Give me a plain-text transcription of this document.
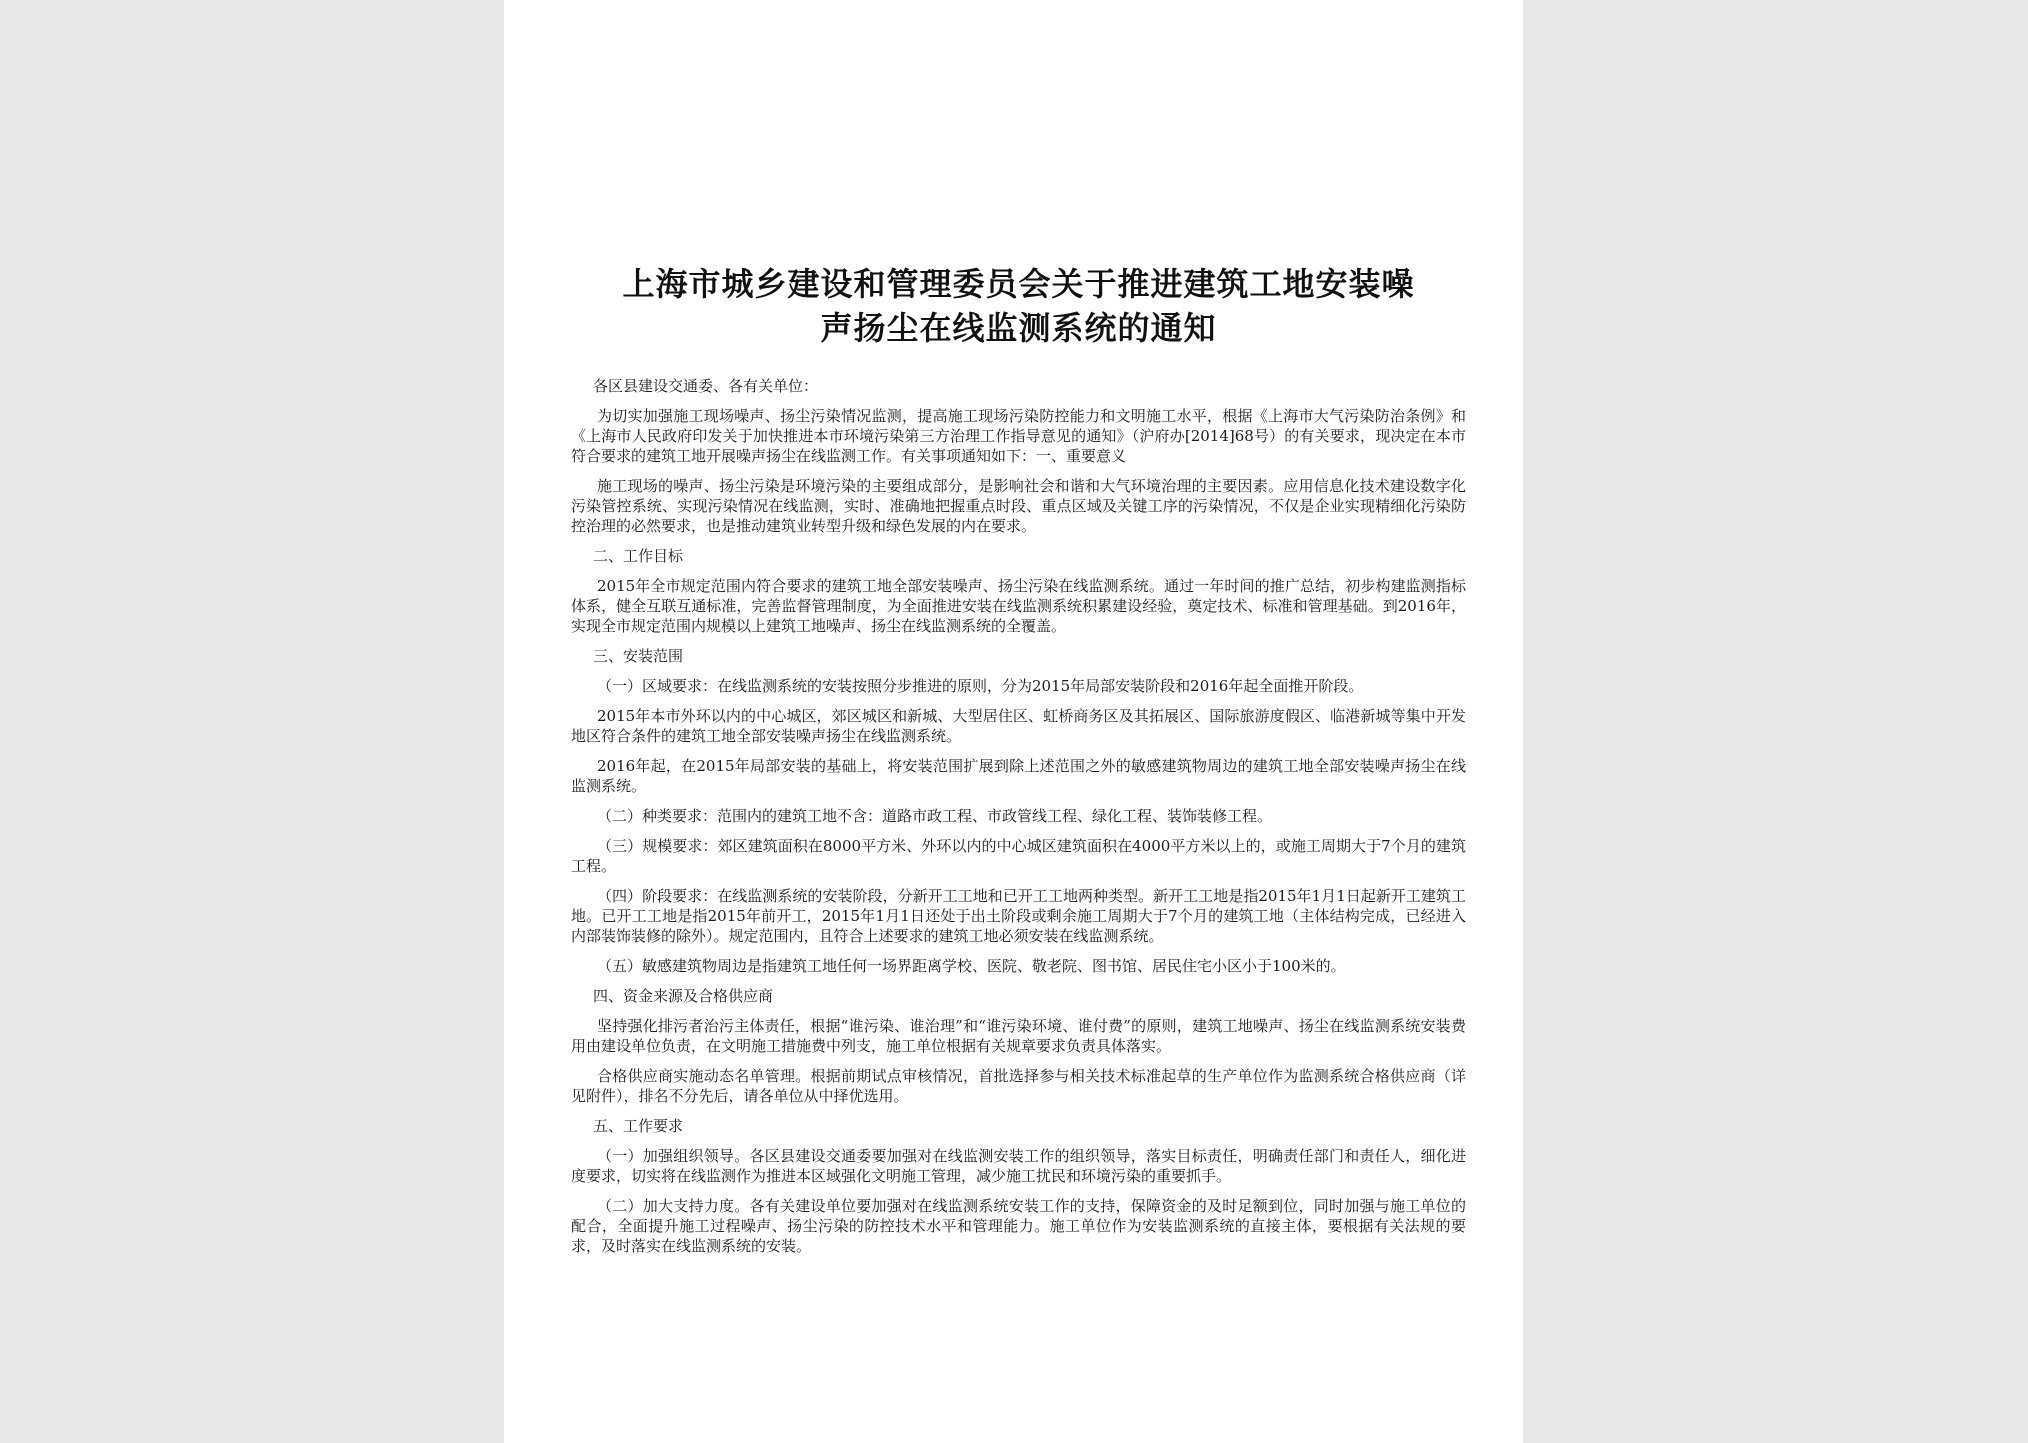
上海市城乡建设和管理委员会关于推进建筑工地安装噪
声扬尘在线监测系统的通知

各区县建设交通委、各有关单位：

为切实加强施工现场噪声、扬尘污染情况监测，提高施工现场污染防控能力和文明施工水平，根据《上海市大气污染防治条例》和《上海市人民政府印发关于加快推进本市环境污染第三方治理工作指导意见的通知》（沪府办[2014]68号）的有关要求，现决定在本市符合要求的建筑工地开展噪声扬尘在线监测工作。有关事项通知如下：一、重要意义

施工现场的噪声、扬尘污染是环境污染的主要组成部分，是影响社会和谐和大气环境治理的主要因素。应用信息化技术建设数字化污染管控系统、实现污染情况在线监测，实时、准确地把握重点时段、重点区域及关键工序的污染情况，不仅是企业实现精细化污染防控治理的必然要求，也是推动建筑业转型升级和绿色发展的内在要求。

二、工作目标

2015年全市规定范围内符合要求的建筑工地全部安装噪声、扬尘污染在线监测系统。通过一年时间的推广总结，初步构建监测指标体系，健全互联互通标准，完善监督管理制度，为全面推进安装在线监测系统积累建设经验，奠定技术、标准和管理基础。到2016年，实现全市规定范围内规模以上建筑工地噪声、扬尘在线监测系统的全覆盖。

三、安装范围

（一）区域要求：在线监测系统的安装按照分步推进的原则，分为2015年局部安装阶段和2016年起全面推开阶段。

2015年本市外环以内的中心城区，郊区城区和新城、大型居住区、虹桥商务区及其拓展区、国际旅游度假区、临港新城等集中开发地区符合条件的建筑工地全部安装噪声扬尘在线监测系统。

2016年起，在2015年局部安装的基础上，将安装范围扩展到除上述范围之外的敏感建筑物周边的建筑工地全部安装噪声扬尘在线监测系统。

（二）种类要求：范围内的建筑工地不含：道路市政工程、市政管线工程、绿化工程、装饰装修工程。

（三）规模要求：郊区建筑面积在8000平方米、外环以内的中心城区建筑面积在4000平方米以上的，或施工周期大于7个月的建筑工程。

（四）阶段要求：在线监测系统的安装阶段，分新开工工地和已开工工地两种类型。新开工工地是指2015年1月1日起新开工建筑工地。已开工工地是指2015年前开工，2015年1月1日还处于出土阶段或剩余施工周期大于7个月的建筑工地（主体结构完成，已经进入内部装饰装修的除外）。规定范围内，且符合上述要求的建筑工地必须安装在线监测系统。

（五）敏感建筑物周边是指建筑工地任何一场界距离学校、医院、敬老院、图书馆、居民住宅小区小于100米的。

四、资金来源及合格供应商

坚持强化排污者治污主体责任，根据“谁污染、谁治理”和“谁污染环境、谁付费”的原则，建筑工地噪声、扬尘在线监测系统安装费用由建设单位负责，在文明施工措施费中列支，施工单位根据有关规章要求负责具体落实。

合格供应商实施动态名单管理。根据前期试点审核情况，首批选择参与相关技术标准起草的生产单位作为监测系统合格供应商（详见附件），排名不分先后，请各单位从中择优选用。

五、工作要求

（一）加强组织领导。各区县建设交通委要加强对在线监测安装工作的组织领导，落实目标责任，明确责任部门和责任人，细化进度要求，切实将在线监测作为推进本区域强化文明施工管理，减少施工扰民和环境污染的重要抓手。

（二）加大支持力度。各有关建设单位要加强对在线监测系统安装工作的支持，保障资金的及时足额到位，同时加强与施工单位的配合，全面提升施工过程噪声、扬尘污染的防控技术水平和管理能力。施工单位作为安装监测系统的直接主体，要根据有关法规的要求，及时落实在线监测系统的安装。
